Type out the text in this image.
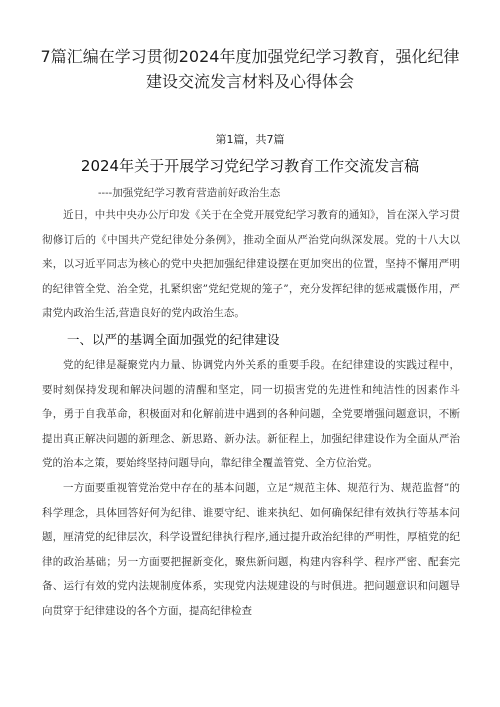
7篇汇编在学习贯彻2024年度加强党纪学习教育，强化纪律建设交流发言材料及心得体会
第1篇，共7篇
2024年关于开展学习党纪学习教育工作交流发言稿
----加强党纪学习教育营造前好政治生态

近日，中共中央办公厅印发《关于在全党开展党纪学习教育的通知》，旨在深入学习贯彻修订后的《中国共产党纪律处分条例》，推动全面从严治党向纵深发展。党的十八大以来，以习近平同志为核心的党中央把加强纪律建设摆在更加突出的位置，坚持不懈用严明的纪律管全党、治全党，扎紧织密”党纪党规的笼子”，充分发挥纪律的惩戒震慑作用，严肃党内政治生活,营造良好的党内政治生态。

一、以严的基调全面加强党的纪律建设

党的纪律是凝聚党内力量、协调党内外关系的重要手段。在纪律建设的实践过程中，要时刻保持发现和解决问题的清醒和坚定，同一切损害党的先进性和纯洁性的因素作斗争，勇于自我革命，积极面对和化解前进中遇到的各种问题，全党要增强问题意识，不断提出真正解决问题的新理念、新思路、新办法。新征程上，加强纪律建设作为全面从严治党的治本之策，要始终坚持问题导向，靠纪律全覆盖管党、全方位治党。

一方面要重视管党治党中存在的基本问题，立足“规范主体、规范行为、规范监督”的科学理念，具体回答好何为纪律、谁要守纪、谁来执纪、如何确保纪律有效执行等基本问题，厘清党的纪律层次，科学设置纪律执行程序,通过提升政治纪律的严明性，厚植党的纪律的政治基础；另一方面要把握新变化，聚焦新问题，构建内容科学、程序严密、配套完备、运行有效的党内法规制度体系，实现党内法规建设的与时俱进。把问题意识和问题导向贯穿于纪律建设的各个方面，提高纪律检查
